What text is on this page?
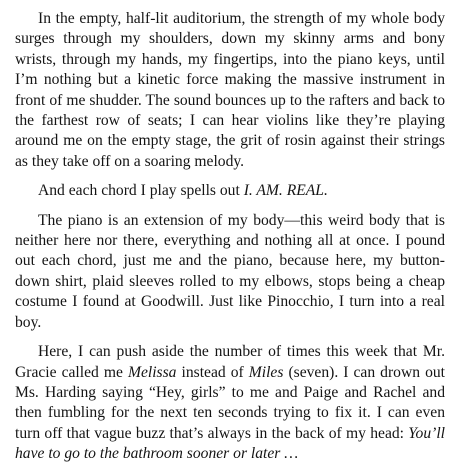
In the empty, half-lit auditorium, the strength of my whole body surges through my shoulders, down my skinny arms and bony wrists, through my hands, my fingertips, into the piano keys, until I’m nothing but a kinetic force making the massive instrument in front of me shudder. The sound bounces up to the rafters and back to the farthest row of seats; I can hear violins like they’re playing around me on the empty stage, the grit of rosin against their strings as they take off on a soaring melody.

And each chord I play spells out I. AM. REAL.

The piano is an extension of my body—this weird body that is neither here nor there, everything and nothing all at once. I pound out each chord, just me and the piano, because here, my button-down shirt, plaid sleeves rolled to my elbows, stops being a cheap costume I found at Goodwill. Just like Pinocchio, I turn into a real boy.

Here, I can push aside the number of times this week that Mr. Gracie called me Melissa instead of Miles (seven). I can drown out Ms. Harding saying “Hey, girls” to me and Paige and Rachel and then fumbling for the next ten seconds trying to fix it. I can even turn off that vague buzz that’s always in the back of my head: You’ll have to go to the bathroom sooner or later …
